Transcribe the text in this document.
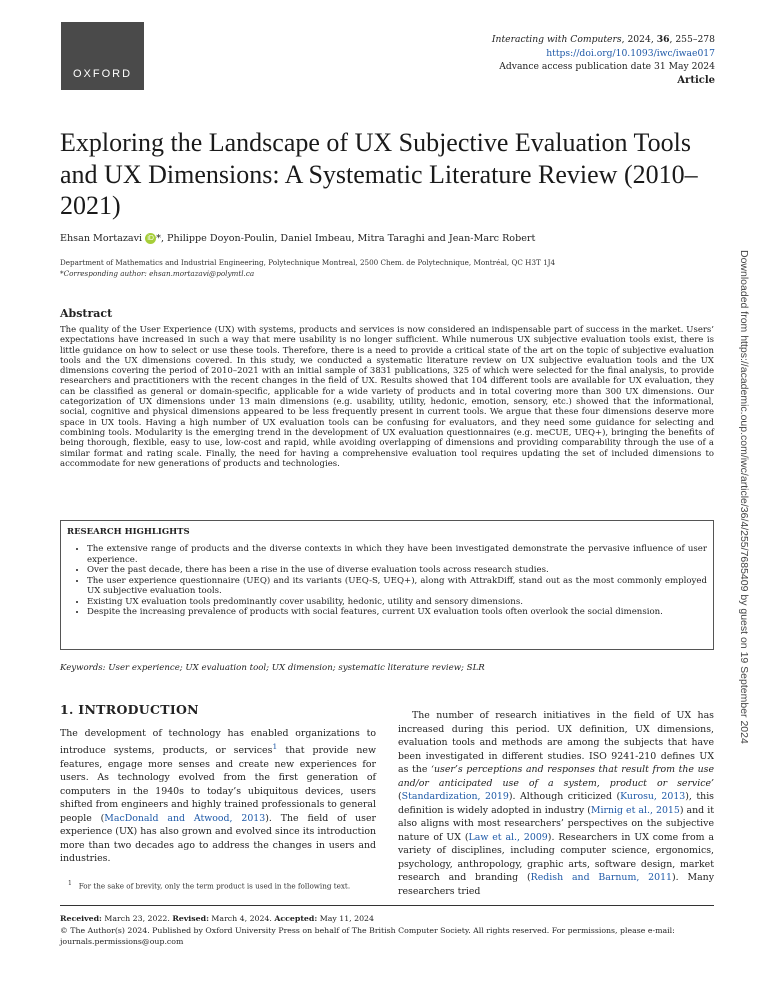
OXFORD
Interacting with Computers, 2024, 36, 255–278
https://doi.org/10.1093/iwc/iwae017
Advance access publication date 31 May 2024
Article
Exploring the Landscape of UX Subjective Evaluation Tools and UX Dimensions: A Systematic Literature Review (2010–2021)
Ehsan Mortazavi iD *, Philippe Doyon-Poulin, Daniel Imbeau, Mitra Taraghi and Jean-Marc Robert
Department of Mathematics and Industrial Engineering, Polytechnique Montreal, 2500 Chem. de Polytechnique, Montréal, QC H3T 1J4
*Corresponding author: ehsan.mortazavi@polymtl.ca
Abstract

The quality of the User Experience (UX) with systems, products and services is now considered an indispensable part of success in the market. Users’ expectations have increased in such a way that mere usability is no longer sufficient. While numerous UX subjective evaluation tools exist, there is little guidance on how to select or use these tools. Therefore, there is a need to provide a critical state of the art on the topic of subjective evaluation tools and the UX dimensions covered. In this study, we conducted a systematic literature review on UX subjective evaluation tools and the UX dimensions covering the period of 2010–2021 with an initial sample of 3831 publications, 325 of which were selected for the final analysis, to provide researchers and practitioners with the recent changes in the field of UX. Results showed that 104 different tools are available for UX evaluation, they can be classified as general or domain-specific, applicable for a wide variety of products and in total covering more than 300 UX dimensions. Our categorization of UX dimensions under 13 main dimensions (e.g. usability, utility, hedonic, emotion, sensory, etc.) showed that the informational, social, cognitive and physical dimensions appeared to be less frequently present in current tools. We argue that these four dimensions deserve more space in UX tools. Having a high number of UX evaluation tools can be confusing for evaluators, and they need some guidance for selecting and combining tools. Modularity is the emerging trend in the development of UX evaluation questionnaires (e.g. meCUE, UEQ+), bringing the benefits of being thorough, flexible, easy to use, low-cost and rapid, while avoiding overlapping of dimensions and providing comparability through the use of a similar format and rating scale. Finally, the need for having a comprehensive evaluation tool requires updating the set of included dimensions to accommodate for new generations of products and technologies.

RESEARCH HIGHLIGHTS
• The extensive range of products and the diverse contexts in which they have been investigated demonstrate the pervasive influence of user experience.
• Over the past decade, there has been a rise in the use of diverse evaluation tools across research studies.
• The user experience questionnaire (UEQ) and its variants (UEQ-S, UEQ+), along with AttrakDiff, stand out as the most commonly employed UX subjective evaluation tools.
• Existing UX evaluation tools predominantly cover usability, hedonic, utility and sensory dimensions.
• Despite the increasing prevalence of products with social features, current UX evaluation tools often overlook the social dimension.
Keywords: User experience; UX evaluation tool; UX dimension; systematic literature review; SLR
1. INTRODUCTION

The development of technology has enabled organizations to introduce systems, products, or services$^1$ that provide new features, engage more senses and create new experiences for users. As technology evolved from the first generation of computers in the 1940s to today’s ubiquitous devices, users shifted from engineers and highly trained professionals to general people (MacDonald and Atwood, 2013). The field of user experience (UX) has also grown and evolved since its introduction more than two decades ago to address the changes in users and industries.

The number of research initiatives in the field of UX has increased during this period. UX definition, UX dimensions, evaluation tools and methods are among the subjects that have been investigated in different studies. ISO 9241-210 defines UX as the ‘user’s perceptions and responses that result from the use and/or anticipated use of a system, product or service’ (Standardization, 2019). Although criticized (Kurosu, 2013), this definition is widely adopted in industry (Mirnig et al., 2015) and it also aligns with most researchers’ perspectives on the subjective nature of UX (Law et al., 2009). Researchers in UX come from a variety of disciplines, including computer science, ergonomics, psychology, anthropology, graphic arts, software design, market research and branding (Redish and Barnum, 2011). Many researchers tried

$^1$ For the sake of brevity, only the term product is used in the following text.
Received: March 23, 2022. Revised: March 4, 2024. Accepted: May 11, 2024
© The Author(s) 2024. Published by Oxford University Press on behalf of The British Computer Society. All rights reserved. For permissions, please e-mail: journals.permissions@oup.com
Downloaded from https://academic.oup.com/iwc/article/36/4/255/7685409 by guest on 19 September 2024
